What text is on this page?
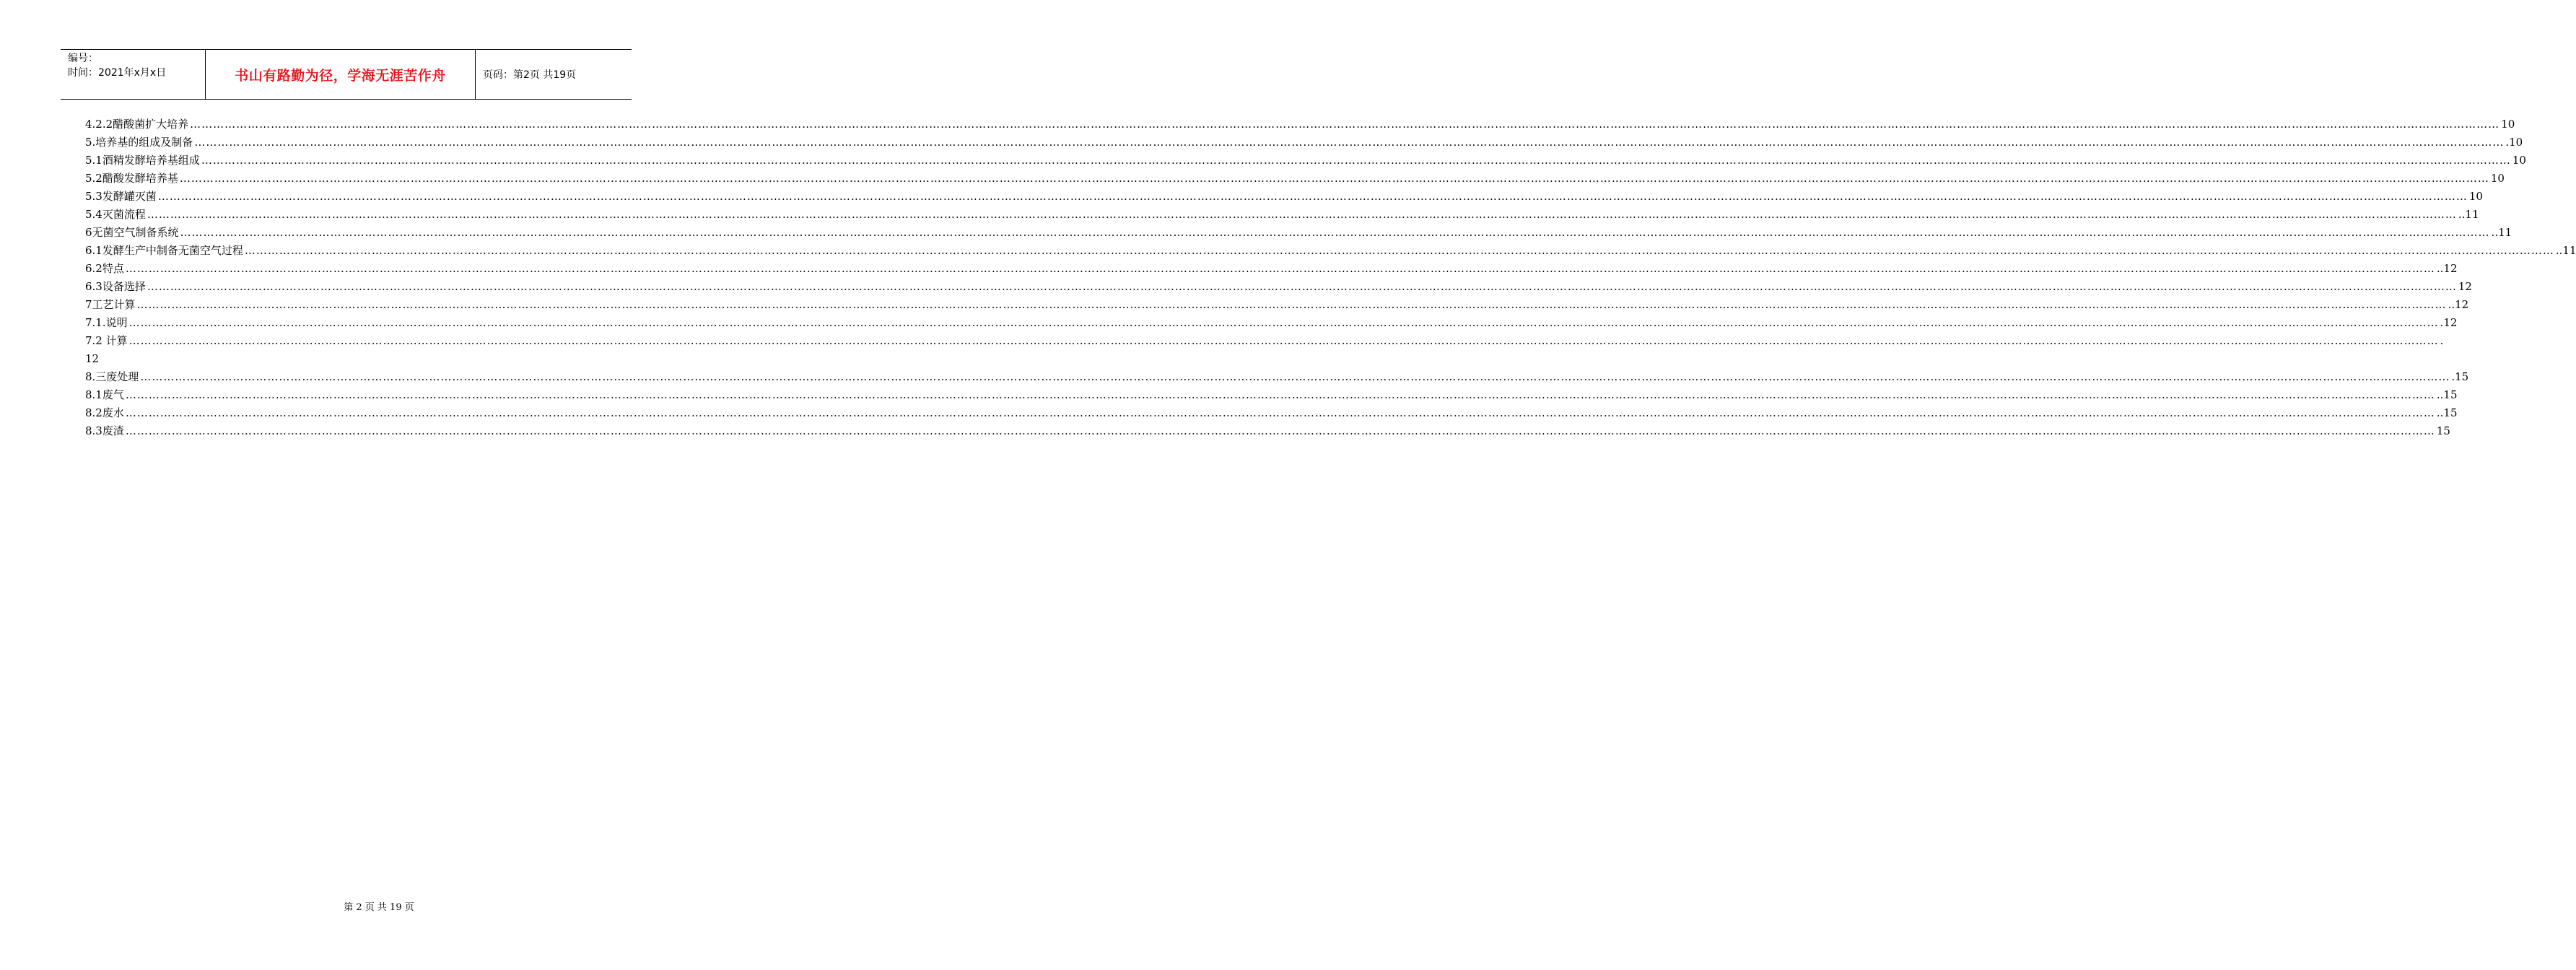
编号：
时间：2021年x月x日	书山有路勤为径，学海无涯苦作舟	页码：第2页 共19页
4.2.2醋酸菌扩大培养 …………………………………………………………………………………………………………………………………………………………………………………………………………………………………………………………………………………………………………………………………………………………………………………………………………………………………………………………………………………………………………………………………………………… 10
5.培养基的组成及制备 …………………………………………………………………………………………………………………………………………………………………………………………………………………………………………………………………………………………………………………………………………………………………………………………………………………………………………………………………………………………………………………………………………………… .10
5.1酒精发酵培养基组成 …………………………………………………………………………………………………………………………………………………………………………………………………………………………………………………………………………………………………………………………………………………………………………………………………………………………………………………………………………………………………………………………………………………… 10
5.2醋酸发酵培养基 …………………………………………………………………………………………………………………………………………………………………………………………………………………………………………………………………………………………………………………………………………………………………………………………………………………………………………………………………………………………………………………………………………………… 10
5.3发酵罐灭菌 …………………………………………………………………………………………………………………………………………………………………………………………………………………………………………………………………………………………………………………………………………………………………………………………………………………………………………………………………………………………………………………………………………………… 10
5.4灭菌流程 …………………………………………………………………………………………………………………………………………………………………………………………………………………………………………………………………………………………………………………………………………………………………………………………………………………………………………………………………………………………………………………………………………………… ..11
6无菌空气制备系统 …………………………………………………………………………………………………………………………………………………………………………………………………………………………………………………………………………………………………………………………………………………………………………………………………………………………………………………………………………………………………………………………………………………… ..11
6.1发酵生产中制备无菌空气过程 …………………………………………………………………………………………………………………………………………………………………………………………………………………………………………………………………………………………………………………………………………………………………………………………………………………………………………………………………………………………………………………………………………………… ..11
6.2特点 …………………………………………………………………………………………………………………………………………………………………………………………………………………………………………………………………………………………………………………………………………………………………………………………………………………………………………………………………………………………………………………………………………………… ..12
6.3设备选择 …………………………………………………………………………………………………………………………………………………………………………………………………………………………………………………………………………………………………………………………………………………………………………………………………………………………………………………………………………………………………………………………………………………… 12
7工艺计算 …………………………………………………………………………………………………………………………………………………………………………………………………………………………………………………………………………………………………………………………………………………………………………………………………………………………………………………………………………………………………………………………………………………… ..12
7.1.说明 …………………………………………………………………………………………………………………………………………………………………………………………………………………………………………………………………………………………………………………………………………………………………………………………………………………………………………………………………………………………………………………………………………………… .12
7.2 计算 …………………………………………………………………………………………………………………………………………………………………………………………………………………………………………………………………………………………………………………………………………………………………………………………………………………………………………………………………………………………………………………………………………………… .
12
8.三废处理 …………………………………………………………………………………………………………………………………………………………………………………………………………………………………………………………………………………………………………………………………………………………………………………………………………………………………………………………………………………………………………………………………………………… .15
8.1废气 …………………………………………………………………………………………………………………………………………………………………………………………………………………………………………………………………………………………………………………………………………………………………………………………………………………………………………………………………………………………………………………………………………………… ..15
8.2废水 …………………………………………………………………………………………………………………………………………………………………………………………………………………………………………………………………………………………………………………………………………………………………………………………………………………………………………………………………………………………………………………………………………………… ..15
8.3废渣 …………………………………………………………………………………………………………………………………………………………………………………………………………………………………………………………………………………………………………………………………………………………………………………………………………………………………………………………………………………………………………………………………………………… 15
第 2 页 共 19 页
